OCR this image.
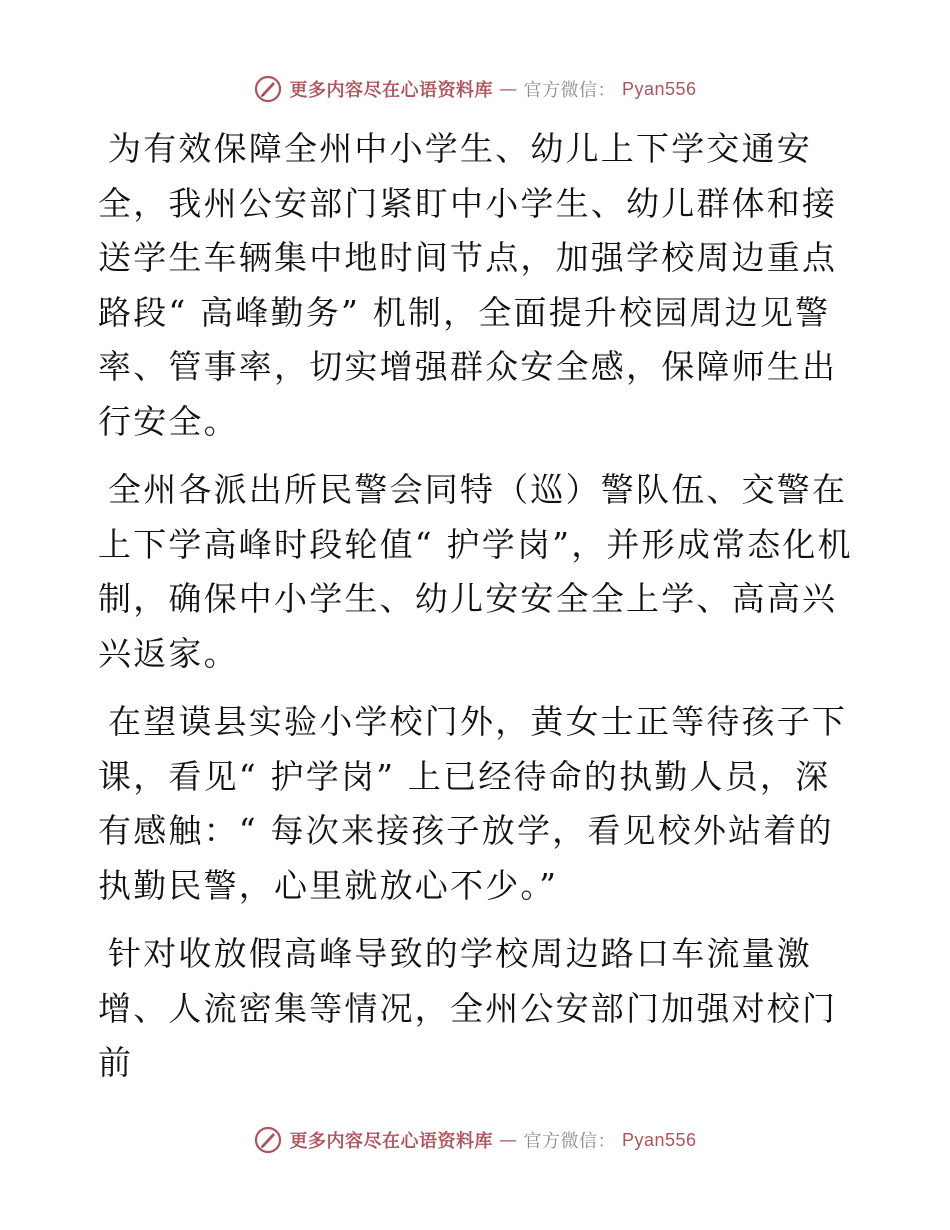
更多内容尽在心语资料库 — 官方微信： Pyan556

为有效保障全州中小学生、幼儿上下学交通安全，我州公安部门紧盯中小学生、幼儿群体和接送学生车辆集中地时间节点，加强学校周边重点路段“ 高峰勤务” 机制，全面提升校园周边见警率、管事率，切实增强群众安全感，保障师生出行安全。

全州各派出所民警会同特（巡）警队伍、交警在上下学高峰时段轮值“ 护学岗”，并形成常态化机制，确保中小学生、幼儿安安全全上学、高高兴兴返家。

在望谟县实验小学校门外，黄女士正等待孩子下课，看见“ 护学岗” 上已经待命的执勤人员，深有感触：“ 每次来接孩子放学，看见校外站着的执勤民警，心里就放心不少。”

针对收放假高峰导致的学校周边路口车流量激增、人流密集等情况，全州公安部门加强对校门前

更多内容尽在心语资料库 — 官方微信： Pyan556
